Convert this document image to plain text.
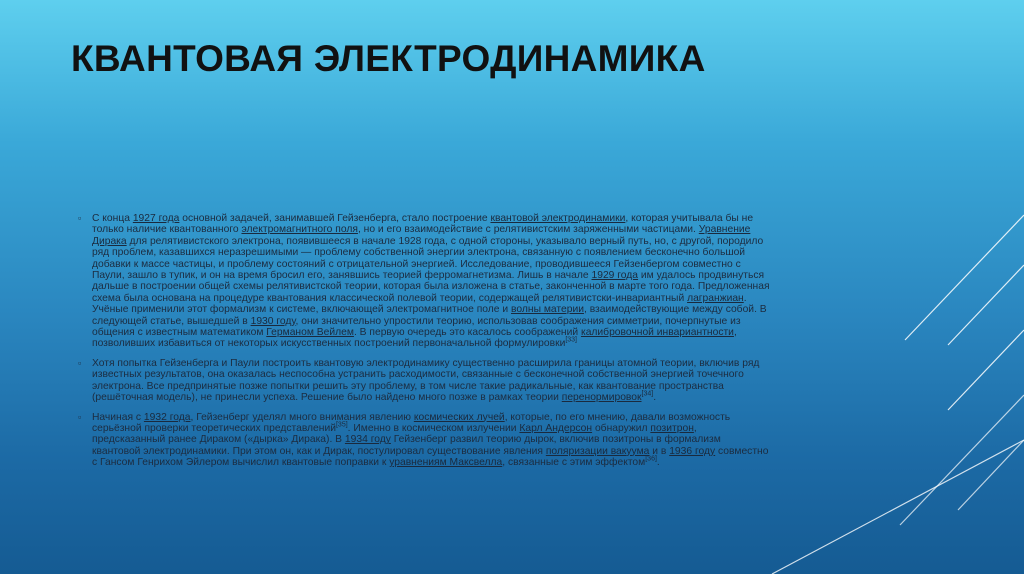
КВАНТОВАЯ ЭЛЕКТРОДИНАМИКА

▫ С конца 1927 года основной задачей, занимавшей Гейзенберга, стало построение квантовой электродинамики, которая учитывала бы не только наличие квантованного электромагнитного поля, но и его взаимодействие с релятивистским заряженными частицами. Уравнение Дирака для релятивистского электрона, появившееся в начале 1928 года, с одной стороны, указывало верный путь, но, с другой, породило ряд проблем, казавшихся неразрешимыми — проблему собственной энергии электрона, связанную с появлением бесконечно большой добавки к массе частицы, и проблему состояний с отрицательной энергией. Исследование, проводившееся Гейзенбергом совместно с Паули, зашло в тупик, и он на время бросил его, занявшись теорией ферромагнетизма. Лишь в начале 1929 года им удалось продвинуться дальше в построении общей схемы релятивистской теории, которая была изложена в статье, законченной в марте того года. Предложенная схема была основана на процедуре квантования классической полевой теории, содержащей релятивистски-инвариантный лагранжиан. Учёные применили этот формализм к системе, включающей электромагнитное поле и волны материи, взаимодействующие между собой. В следующей статье, вышедшей в 1930 году, они значительно упростили теорию, использовав соображения симметрии, почерпнутые из общения с известным математиком Германом Вейлем. В первую очередь это касалось соображений калибровочной инвариантности, позволивших избавиться от некоторых искусственных построений первоначальной формулировки[33]

▫ Хотя попытка Гейзенберга и Паули построить квантовую электродинамику существенно расширила границы атомной теории, включив ряд известных результатов, она оказалась неспособна устранить расходимости, связанные с бесконечной собственной энергией точечного электрона. Все предпринятые позже попытки решить эту проблему, в том числе такие радикальные, как квантование пространства (решёточная модель), не принесли успеха. Решение было найдено много позже в рамках теории перенормировок[34].

▫ Начиная с 1932 года, Гейзенберг уделял много внимания явлению космических лучей, которые, по его мнению, давали возможность серьёзной проверки теоретических представлений[35]. Именно в космическом излучении Карл Андерсон обнаружил позитрон, предсказанный ранее Дираком («дырка» Дирака). В 1934 году Гейзенберг развил теорию дырок, включив позитроны в формализм квантовой электродинамики. При этом он, как и Дирак, постулировал существование явления поляризации вакуума и в 1936 году совместно с Гансом Генрихом Эйлером вычислил квантовые поправки к уравнениям Максвелла, связанные с этим эффектом[36].
